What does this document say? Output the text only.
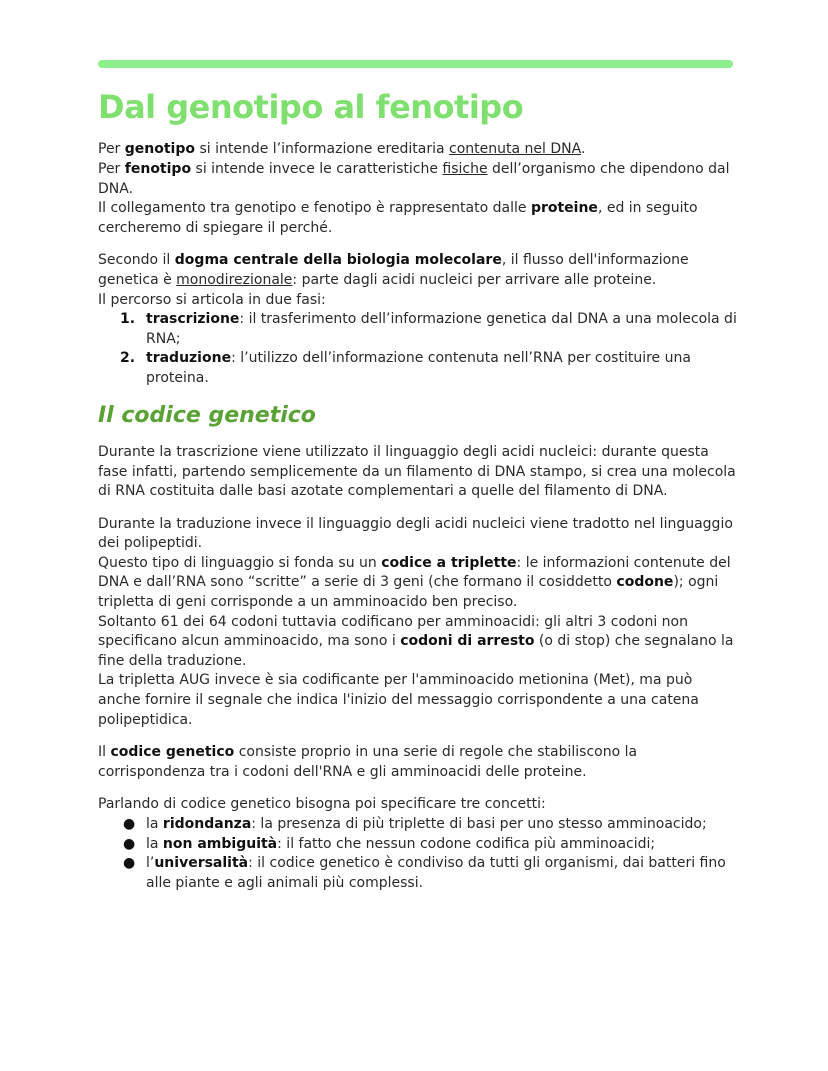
Dal genotipo al fenotipo

Per genotipo si intende l’informazione ereditaria contenuta nel DNA.
Per fenotipo si intende invece le caratteristiche fisiche dell’organismo che dipendono dal DNA.
Il collegamento tra genotipo e fenotipo è rappresentato dalle proteine, ed in seguito cercheremo di spiegare il perché.

Secondo il dogma centrale della biologia molecolare, il flusso dell'informazione genetica è monodirezionale: parte dagli acidi nucleici per arrivare alle proteine.
Il percorso si articola in due fasi:

1. trascrizione: il trasferimento dell’informazione genetica dal DNA a una molecola di RNA;
2. traduzione: l’utilizzo dell’informazione contenuta nell’RNA per costituire una proteina.
Il codice genetico

Durante la trascrizione viene utilizzato il linguaggio degli acidi nucleici: durante questa fase infatti, partendo semplicemente da un filamento di DNA stampo, si crea una molecola di RNA costituita dalle basi azotate complementari a quelle del filamento di DNA.

Durante la traduzione invece il linguaggio degli acidi nucleici viene tradotto nel linguaggio dei polipeptidi.
Questo tipo di linguaggio si fonda su un codice a triplette: le informazioni contenute del DNA e dall’RNA sono “scritte” a serie di 3 geni (che formano il cosiddetto codone); ogni tripletta di geni corrisponde a un amminoacido ben preciso.
Soltanto 61 dei 64 codoni tuttavia codificano per amminoacidi: gli altri 3 codoni non specificano alcun amminoacido, ma sono i codoni di arresto (o di stop) che segnalano la fine della traduzione.
La tripletta AUG invece è sia codificante per l'amminoacido metionina (Met), ma può anche fornire il segnale che indica l'inizio del messaggio corrispondente a una catena polipeptidica.

Il codice genetico consiste proprio in una serie di regole che stabiliscono la corrispondenza tra i codoni dell'RNA e gli amminoacidi delle proteine.

Parlando di codice genetico bisogna poi specificare tre concetti:

● la ridondanza: la presenza di più triplette di basi per uno stesso amminoacido;
● la non ambiguità: il fatto che nessun codone codifica più amminoacidi;
● l’universalità: il codice genetico è condiviso da tutti gli organismi, dai batteri fino alle piante e agli animali più complessi.
